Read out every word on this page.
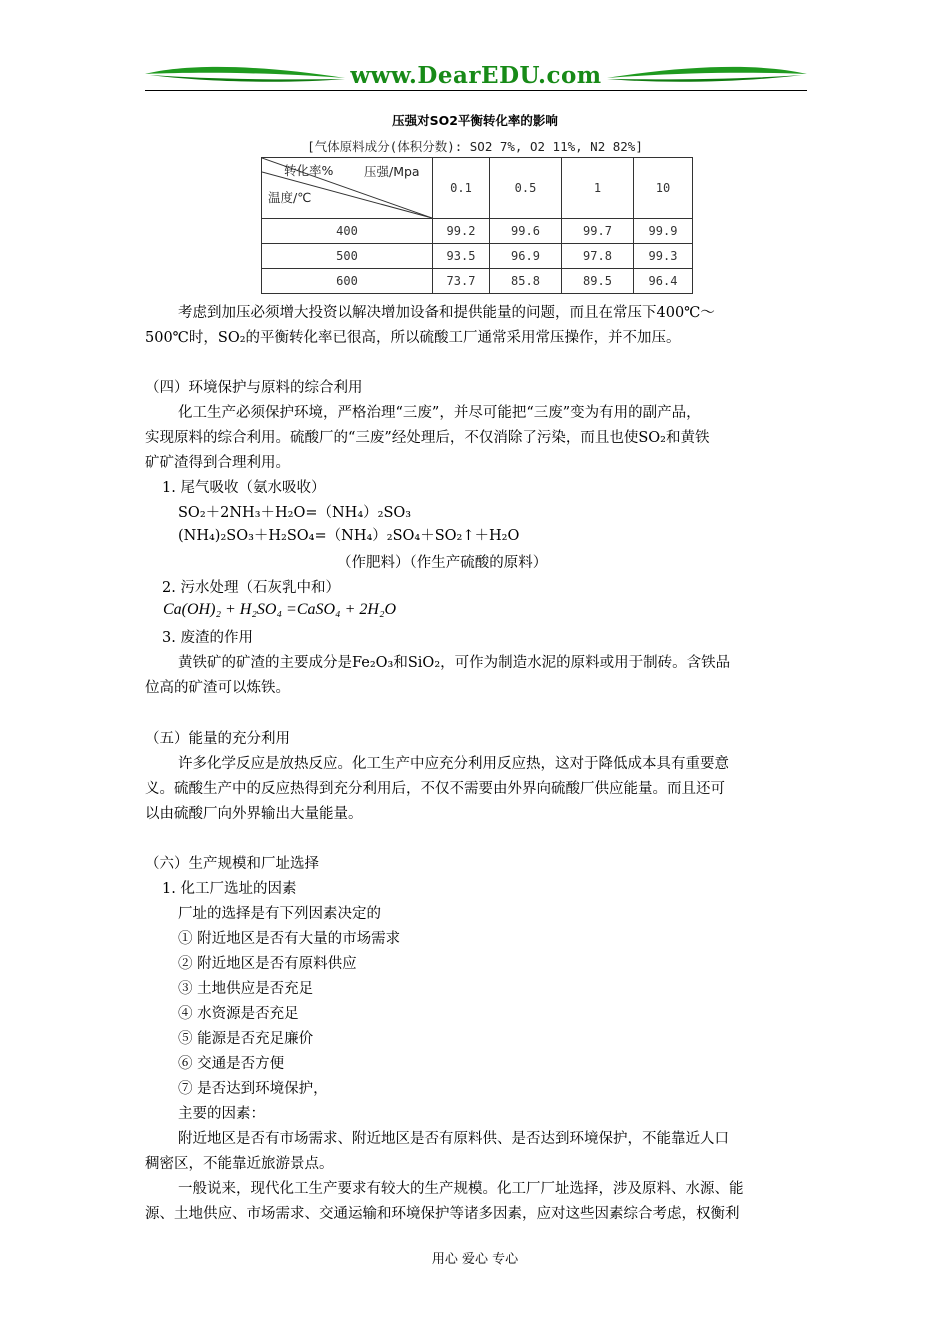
www.DearEDU.com
压强对SO2平衡转化率的影响
[气体原料成分(体积分数): SO2 7%, O2 11%, N2 82%]
转化率% 压强/Mpa
温度/℃	0.1	0.5	1	10
400	99.2	99.6	99.7	99.9
500	93.5	96.9	97.8	99.3
600	73.7	85.8	89.5	96.4
考虑到加压必须增大投资以解决增加设备和提供能量的问题，而且在常压下400℃～
500℃时，SO₂的平衡转化率已很高，所以硫酸工厂通常采用常压操作，并不加压。
（四）环境保护与原料的综合利用
化工生产必须保护环境，严格治理“三废”，并尽可能把“三废”变为有用的副产品，
实现原料的综合利用。硫酸厂的“三废”经处理后，不仅消除了污染，而且也使SO₂和黄铁
矿矿渣得到合理利用。
1. 尾气吸收（氨水吸收）
SO₂＋2NH₃＋H₂O=（NH₄）₂SO₃
(NH₄)₂SO₃＋H₂SO₄=（NH₄）₂SO₄＋SO₂↑＋H₂O
（作肥料）（作生产硫酸的原料）
2. 污水处理（石灰乳中和）
Ca(OH)₂ + H₂SO₄ =CaSO₄ + 2H₂O
3. 废渣的作用
黄铁矿的矿渣的主要成分是Fe₂O₃和SiO₂，可作为制造水泥的原料或用于制砖。含铁品
位高的矿渣可以炼铁。
（五）能量的充分利用
许多化学反应是放热反应。化工生产中应充分利用反应热，这对于降低成本具有重要意
义。硫酸生产中的反应热得到充分利用后，不仅不需要由外界向硫酸厂供应能量。而且还可
以由硫酸厂向外界输出大量能量。
（六）生产规模和厂址选择
1. 化工厂选址的因素
厂址的选择是有下列因素决定的
① 附近地区是否有大量的市场需求
② 附近地区是否有原料供应
③ 土地供应是否充足
④ 水资源是否充足
⑤ 能源是否充足廉价
⑥ 交通是否方便
⑦ 是否达到环境保护，
主要的因素：
附近地区是否有市场需求、附近地区是否有原料供、是否达到环境保护，不能靠近人口
稠密区，不能靠近旅游景点。
一般说来，现代化工生产要求有较大的生产规模。化工厂厂址选择，涉及原料、水源、能
源、土地供应、市场需求、交通运输和环境保护等诸多因素，应对这些因素综合考虑，权衡利
用心 爱心 专心
